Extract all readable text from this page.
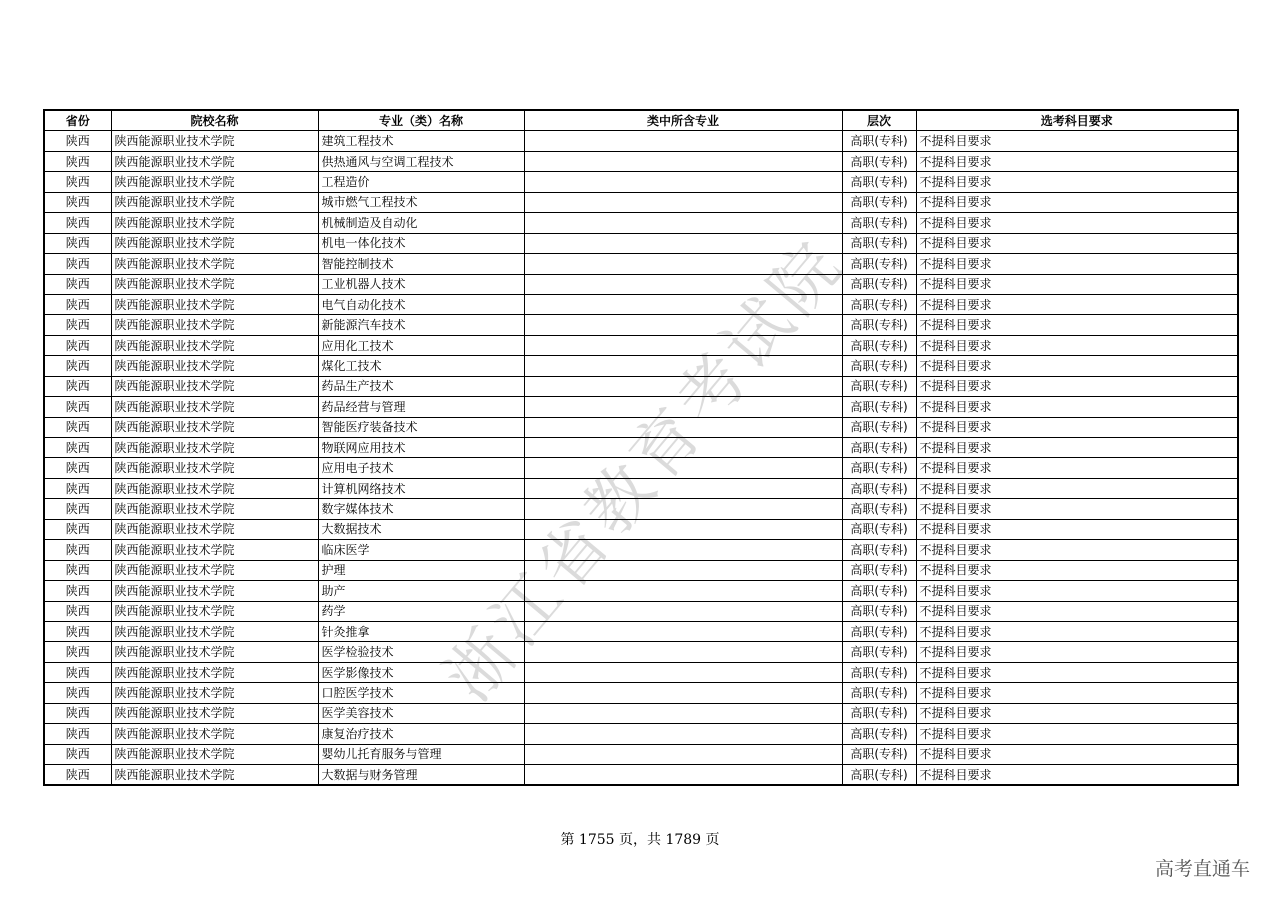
省份	院校名称	专业（类）名称	类中所含专业	层次	选考科目要求
陕西	陕西能源职业技术学院	建筑工程技术		高职(专科)	不提科目要求
陕西	陕西能源职业技术学院	供热通风与空调工程技术		高职(专科)	不提科目要求
陕西	陕西能源职业技术学院	工程造价		高职(专科)	不提科目要求
陕西	陕西能源职业技术学院	城市燃气工程技术		高职(专科)	不提科目要求
陕西	陕西能源职业技术学院	机械制造及自动化		高职(专科)	不提科目要求
陕西	陕西能源职业技术学院	机电一体化技术		高职(专科)	不提科目要求
陕西	陕西能源职业技术学院	智能控制技术		高职(专科)	不提科目要求
陕西	陕西能源职业技术学院	工业机器人技术		高职(专科)	不提科目要求
陕西	陕西能源职业技术学院	电气自动化技术		高职(专科)	不提科目要求
陕西	陕西能源职业技术学院	新能源汽车技术		高职(专科)	不提科目要求
陕西	陕西能源职业技术学院	应用化工技术		高职(专科)	不提科目要求
陕西	陕西能源职业技术学院	煤化工技术		高职(专科)	不提科目要求
陕西	陕西能源职业技术学院	药品生产技术		高职(专科)	不提科目要求
陕西	陕西能源职业技术学院	药品经营与管理		高职(专科)	不提科目要求
陕西	陕西能源职业技术学院	智能医疗装备技术		高职(专科)	不提科目要求
陕西	陕西能源职业技术学院	物联网应用技术		高职(专科)	不提科目要求
陕西	陕西能源职业技术学院	应用电子技术		高职(专科)	不提科目要求
陕西	陕西能源职业技术学院	计算机网络技术		高职(专科)	不提科目要求
陕西	陕西能源职业技术学院	数字媒体技术		高职(专科)	不提科目要求
陕西	陕西能源职业技术学院	大数据技术		高职(专科)	不提科目要求
陕西	陕西能源职业技术学院	临床医学		高职(专科)	不提科目要求
陕西	陕西能源职业技术学院	护理		高职(专科)	不提科目要求
陕西	陕西能源职业技术学院	助产		高职(专科)	不提科目要求
陕西	陕西能源职业技术学院	药学		高职(专科)	不提科目要求
陕西	陕西能源职业技术学院	针灸推拿		高职(专科)	不提科目要求
陕西	陕西能源职业技术学院	医学检验技术		高职(专科)	不提科目要求
陕西	陕西能源职业技术学院	医学影像技术		高职(专科)	不提科目要求
陕西	陕西能源职业技术学院	口腔医学技术		高职(专科)	不提科目要求
陕西	陕西能源职业技术学院	医学美容技术		高职(专科)	不提科目要求
陕西	陕西能源职业技术学院	康复治疗技术		高职(专科)	不提科目要求
陕西	陕西能源职业技术学院	婴幼儿托育服务与管理		高职(专科)	不提科目要求
陕西	陕西能源职业技术学院	大数据与财务管理		高职(专科)	不提科目要求
浙江省教育考试院
第 1755 页，共 1789 页
高考直通车
